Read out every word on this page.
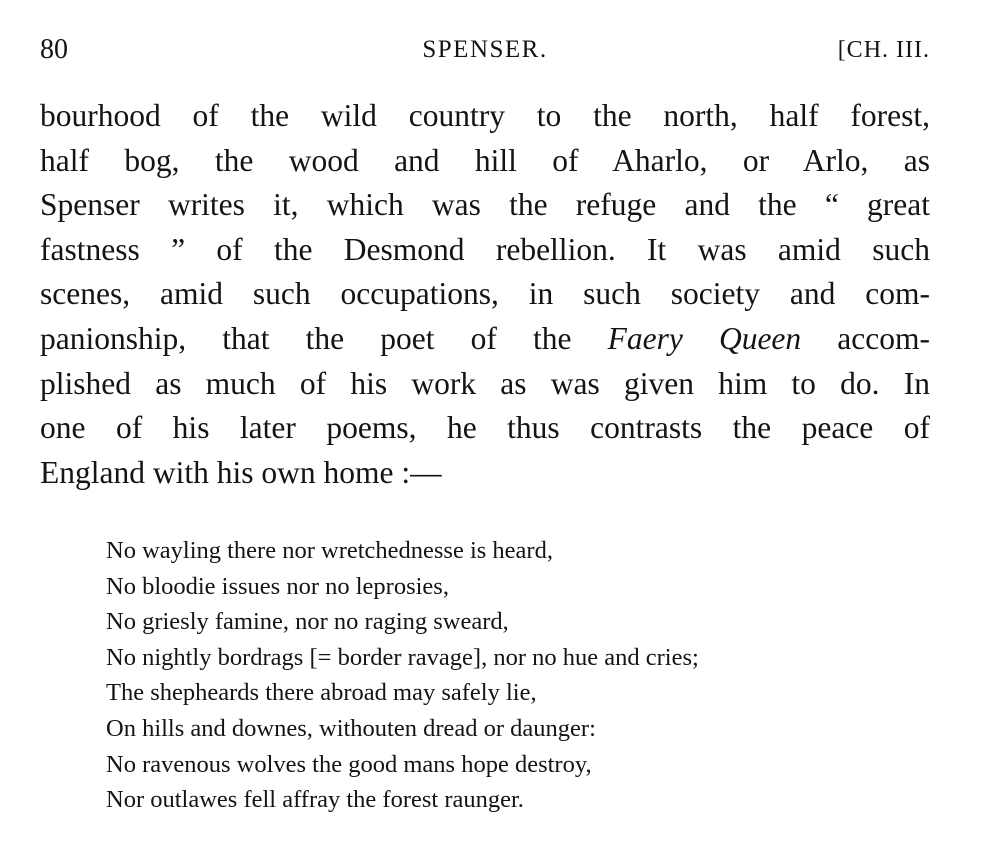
80	SPENSER.	[CH. III.
bourhood of the wild country to the north, half forest,
half bog, the wood and hill of Aharlo, or Arlo, as
Spenser writes it, which was the refuge and the “ great
fastness ” of the Desmond rebellion. It was amid such
scenes, amid such occupations, in such society and com-
panionship, that the poet of the Faery Queen accom-
plished as much of his work as was given him to do. In
one of his later poems, he thus contrasts the peace of
England with his own home :—
No wayling there nor wretchednesse is heard,
No bloodie issues nor no leprosies,
No griesly famine, nor no raging sweard,
No nightly bordrags [= border ravage], nor no hue and cries;
The shepheards there abroad may safely lie,
On hills and downes, withouten dread or daunger:
No ravenous wolves the good mans hope destroy,
Nor outlawes fell affray the forest raunger.
